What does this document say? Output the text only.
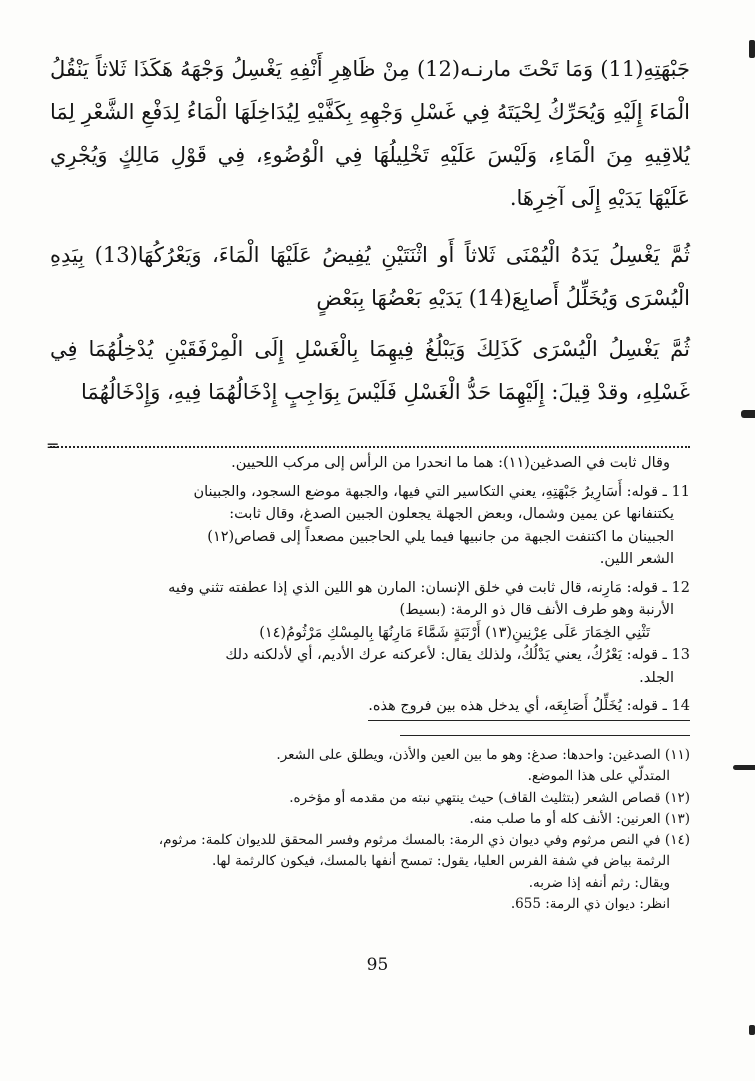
جَبْهَتِهِ(11) وَمَا تَحْتَ مارنـه(12) مِنْ ظَاهِرِ أَنْفِهِ يَغْسِلُ وَجْهَهُ هَكَذَا ثَلاثاً يَنْقُلُ الْمَاءَ إِلَيْهِ وَيُحَرِّكُ لِحْيَتَهُ فِي غَسْلِ وَجْهِهِ بِكَفَّيْهِ لِيُدَاخِلَهَا الْمَاءُ لِدَفْعِ الشَّعْرِ لِمَا يُلاقِيهِ مِنَ الْمَاءِ، وَلَيْسَ عَلَيْهِ تَخْلِيلُهَا فِي الْوُضُوءِ، فِي قَوْلِ مَالِكٍ وَيُجْرِي عَلَيْهَا يَدَيْهِ إِلَى آخِرِهَا.

ثُمَّ يَغْسِلُ يَدَهُ الْيُمْنَى ثَلاثاً أَو اثْنَتَيْنِ يُفِيضُ عَلَيْهَا الْمَاءَ، وَيَعْرُكُهَا(13) بِيَدِهِ الْيُسْرَى وَيُخَلِّلُ أَصابِعَ(14) يَدَيْهِ بَعْضُهَا بِبَعْضٍ

ثُمَّ يَغْسِلُ الْيُسْرَى كَذَلِكَ وَيَبْلُغُ فِيهِمَا بِالْغَسْلِ إِلَى الْمِرْفَقَيْنِ يُدْخِلُهُمَا فِي غَسْلِهِ، وقدْ قِيلَ: إِلَيْهِمَا حَدُّ الْغَسْلِ فَلَيْسَ بِوَاجِبٍ إِدْخَالُهُمَا فِيهِ، وَإِدْخَالُهُمَا

=

وقال ثابت في الصدغين(١١): هما ما انحدرا من الرأس إلى مركب اللحيين.

11 ـ قوله: أَسَارِيرُ جَبْهَتِهِ، يعني التكاسير التي فيها، والجبهة موضع السجود، والجبينان

يكتنفانها عن يمين وشمال، وبعض الجهلة يجعلون الجبين الصدغ، وقال ثابت:

الجبينان ما اكتنفت الجبهة من جانبيها فيما يلي الحاجبين مصعداً إلى قصاص(١٢)

الشعر اللين.

12 ـ قوله: مَارِنه، قال ثابت في خلق الإنسان: المارن هو اللين الذي إذا عطفته تثني وفيه

الأرنبة وهو طرف الأنف قال ذو الرمة: (بسيط)

تَثْنِي الخِمَارَ عَلَى عِرْنِينِ(١٣) أَرْنَبَةٍ شَمَّاءَ مَارِنُهَا بِالمِسْكِ مَرْثُومُ(١٤)

13 ـ قوله: يَعْرُكُ، يعني يَدْلُكُ، ولذلك يقال: لأعركنه عرك الأديم، أي لأدلكنه دلك

الجلد.

14 ـ قوله: يُخَلِّلُ أَصَابِعَه، أي يدخل هذه بين فروج هذه.

(١١) الصدغين: واحدها: صدغ: وهو ما بين العين والأذن، ويطلق على الشعر.

المتدلّي على هذا الموضع.

(١٢) قصاص الشعر (بتثليث القاف) حيث ينتهي نبته من مقدمه أو مؤخره.

(١٣) العرنين: الأنف كله أو ما صلب منه.

(١٤) في النص مرثوم وفي ديوان ذي الرمة: بالمسك مرثوم وفسر المحقق للديوان كلمة: مرثوم،

الرثمة بياض في شفة الفرس العليا، يقول: تمسح أنفها بالمسك، فيكون كالرثمة لها.

ويقال: رثم أنفه إذا ضربه.

انظر: ديوان ذي الرمة: 655.

95
